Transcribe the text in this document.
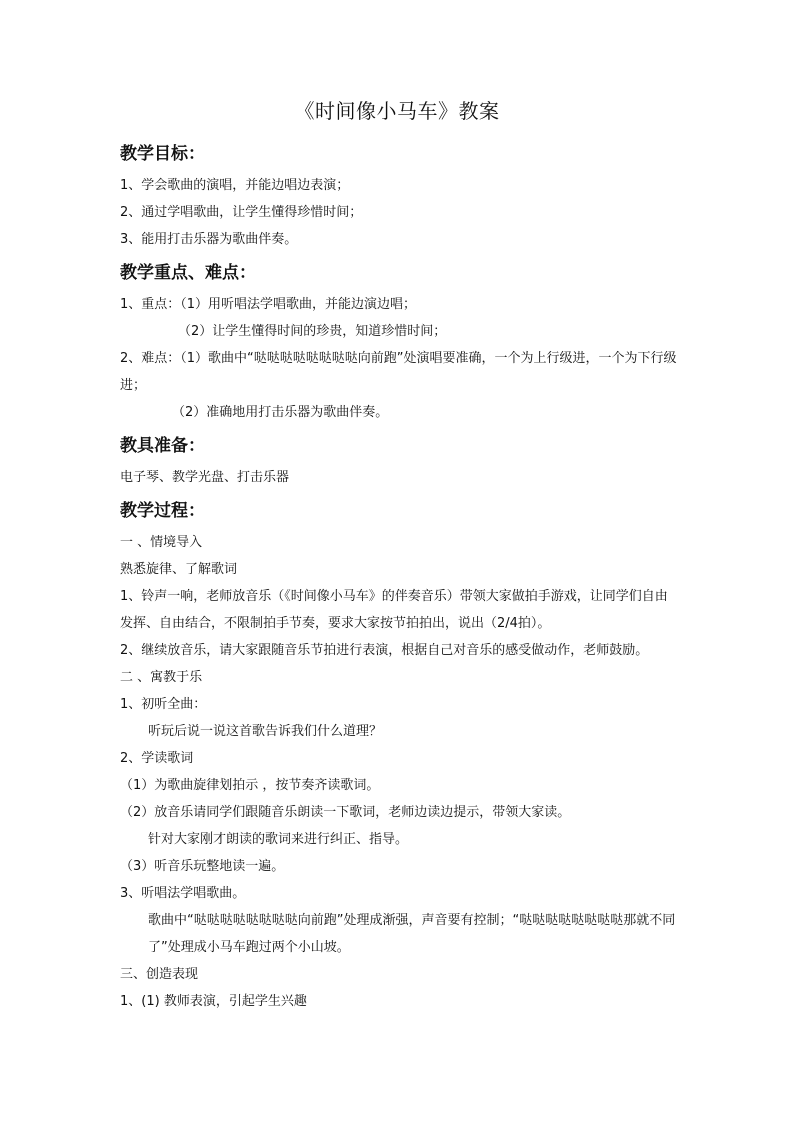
《时间像小马车》教案
教学目标：
1、学会歌曲的演唱，并能边唱边表演；
2、通过学唱歌曲，让学生懂得珍惜时间；
3、能用打击乐器为歌曲伴奏。
教学重点、难点：
1、重点：（1）用听唱法学唱歌曲，并能边演边唱；
（2）让学生懂得时间的珍贵，知道珍惜时间；
2、难点：（1）歌曲中“哒哒哒哒哒哒哒哒向前跑”处演唱要准确，一个为上行级进，一个为下行级进；
（2）准确地用打击乐器为歌曲伴奏。
教具准备：
电子琴、教学光盘、打击乐器
教学过程：
一 、情境导入
熟悉旋律、了解歌词
1、铃声一响，老师放音乐（《时间像小马车》的伴奏音乐）带领大家做拍手游戏，让同学们自由发挥、自由结合，不限制拍手节奏，要求大家按节拍拍出，说出（2/4拍）。
2、继续放音乐，请大家跟随音乐节拍进行表演，根据自己对音乐的感受做动作，老师鼓励。
二 、寓教于乐
1、初听全曲：
听玩后说一说这首歌告诉我们什么道理？
2、学读歌词
（1）为歌曲旋律划拍示 ，按节奏齐读歌词。
（2）放音乐请同学们跟随音乐朗读一下歌词，老师边读边提示，带领大家读。
针对大家刚才朗读的歌词来进行纠正、指导。
（3）听音乐玩整地读一遍。
3、听唱法学唱歌曲。
歌曲中“哒哒哒哒哒哒哒哒向前跑”处理成渐强，声音要有控制；“哒哒哒哒哒哒哒哒那就不同了”处理成小马车跑过两个小山坡。
三、创造表现
1、(1) 教师表演，引起学生兴趣
